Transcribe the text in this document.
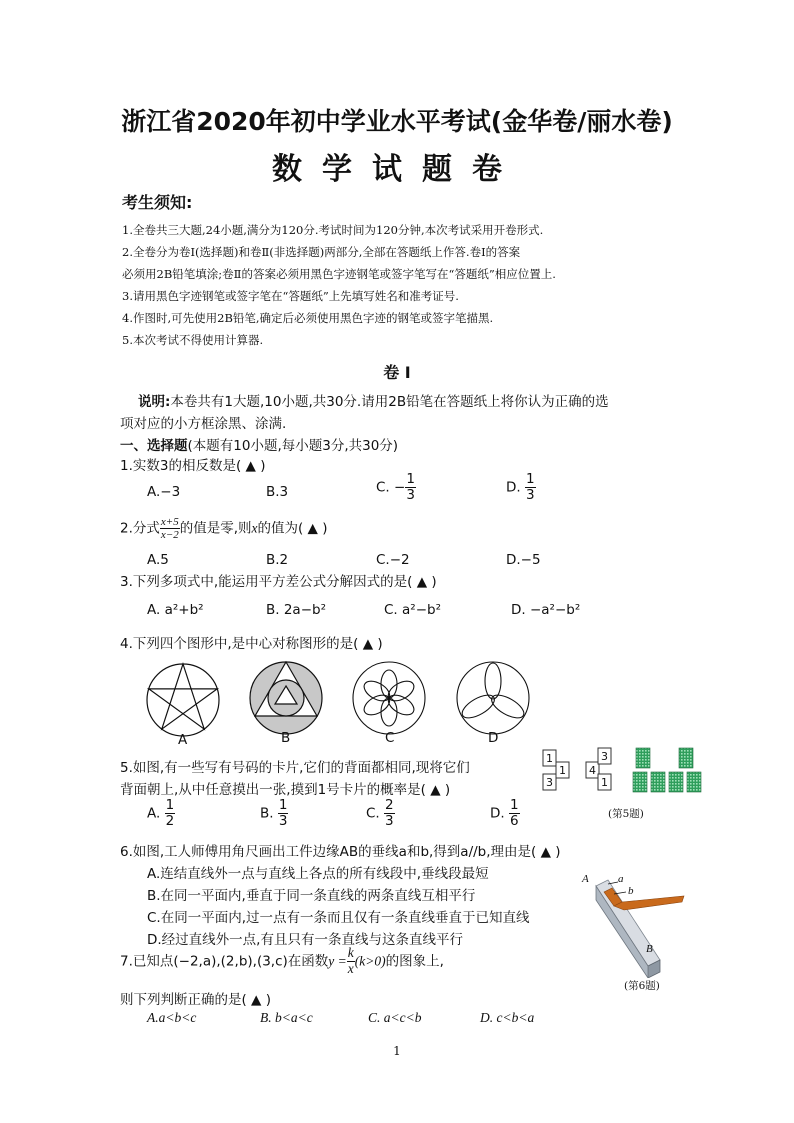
浙江省2020年初中学业水平考试(金华卷/丽水卷)
数学试题卷
考生须知:
1.全卷共三大题,24小题,满分为120分.考试时间为120分钟,本次考试采用开卷形式.
2.全卷分为卷Ⅰ(选择题)和卷Ⅱ(非选择题)两部分,全部在答题纸上作答.卷Ⅰ的答案
必须用2B铅笔填涂;卷Ⅱ的答案必须用黑色字迹钢笔或签字笔写在“答题纸”相应位置上.
3.请用黑色字迹钢笔或签字笔在“答题纸”上先填写姓名和准考证号.
4.作图时,可先使用2B铅笔,确定后必须使用黑色字迹的钢笔或签字笔描黑.
5.本次考试不得使用计算器.
卷 Ⅰ
说明:本卷共有1大题,10小题,共30分.请用2B铅笔在答题纸上将你认为正确的选
项对应的小方框涂黑、涂满.
一、选择题(本题有10小题,每小题3分,共30分)
1.实数3的相反数是( ▲ )
A.−3	B.3	C. − $\frac{1}{3}$	D. $\frac{1}{3}$
2.分式 $\frac{x+5}{x-2}$ 的值是零,则x的值为( ▲ )
A.5	B.2	C.−2	D.−5
3.下列多项式中,能运用平方差公式分解因式的是( ▲ )
A. a²+b²	B. 2a−b²	C. a²−b²	D. −a²−b²
4.下列四个图形中,是中心对称图形的是( ▲ )
A	B	C	D
5.如图,有一些写有号码的卡片,它们的背面都相同,现将它们
背面朝上,从中任意摸出一张,摸到1号卡片的概率是( ▲ )
A. $\frac{1}{2}$	B. $\frac{1}{3}$	C. $\frac{2}{3}$	D. $\frac{1}{6}$
1
1
3
4
3
1
(第5题)
6.如图,工人师傅用角尺画出工件边缘AB的垂线a和b,得到a//b,理由是( ▲ )
A.连结直线外一点与直线上各点的所有线段中,垂线段最短
B.在同一平面内,垂直于同一条直线的两条直线互相平行
C.在同一平面内,过一点有一条而且仅有一条直线垂直于已知直线
D.经过直线外一点,有且只有一条直线与这条直线平行
A	a
b
B
(第6题)
7.已知点(−2,a),(2,b),(3,c)在函数$y = \frac{k}{x} (k>0)$的图象上,
则下列判断正确的是( ▲ )
A.a<b<c	B. b<a<c	C. a<c<b	D. c<b<a
1
